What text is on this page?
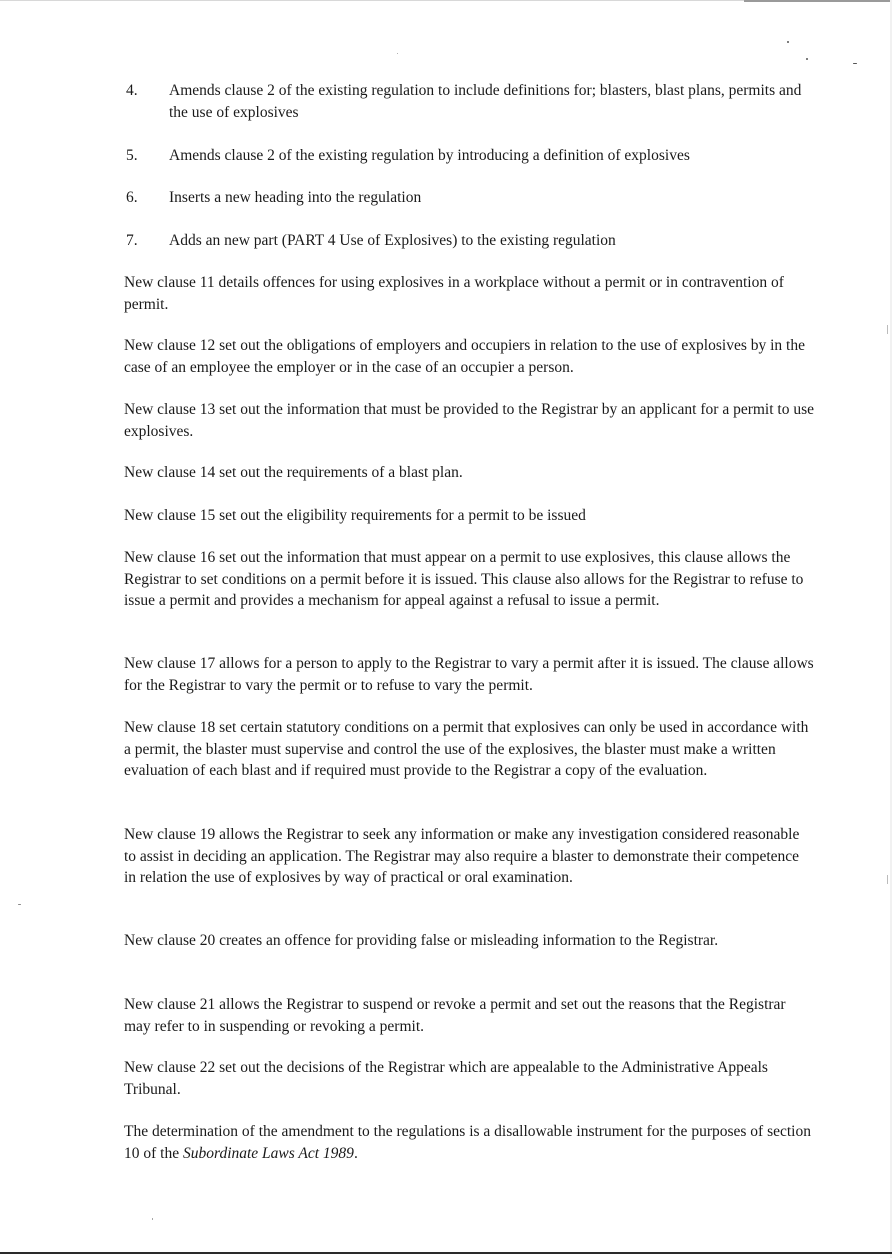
4. Amends clause 2 of the existing regulation to include definitions for; blasters, blast plans, permits and the use of explosives
5. Amends clause 2 of the existing regulation by introducing a definition of explosives
6. Inserts a new heading into the regulation
7. Adds an new part (PART 4 Use of Explosives) to the existing regulation
New clause 11 details offences for using explosives in a workplace without a permit or in contravention of permit.
New clause 12 set out the obligations of employers and occupiers in relation to the use of explosives by in the case of an employee the employer or in the case of an occupier a person.
New clause 13 set out the information that must be provided to the Registrar by an applicant for a permit to use explosives.
New clause 14 set out the requirements of a blast plan.
New clause 15 set out the eligibility requirements for a permit to be issued
New clause 16 set out the information that must appear on a permit to use explosives, this clause allows the Registrar to set conditions on a permit before it is issued. This clause also allows for the Registrar to refuse to issue a permit and provides a mechanism for appeal against a refusal to issue a permit.
New clause 17 allows for a person to apply to the Registrar to vary a permit after it is issued. The clause allows for the Registrar to vary the permit or to refuse to vary the permit.
New clause 18 set certain statutory conditions on a permit that explosives can only be used in accordance with a permit, the blaster must supervise and control the use of the explosives, the blaster must make a written evaluation of each blast and if required must provide to the Registrar a copy of the evaluation.
New clause 19 allows the Registrar to seek any information or make any investigation considered reasonable to assist in deciding an application. The Registrar may also require a blaster to demonstrate their competence in relation the use of explosives by way of practical or oral examination.
New clause 20 creates an offence for providing false or misleading information to the Registrar.
New clause 21 allows the Registrar to suspend or revoke a permit and set out the reasons that the Registrar may refer to in suspending or revoking a permit.
New clause 22 set out the decisions of the Registrar which are appealable to the Administrative Appeals Tribunal.
The determination of the amendment to the regulations is a disallowable instrument for the purposes of section 10 of the Subordinate Laws Act 1989.
